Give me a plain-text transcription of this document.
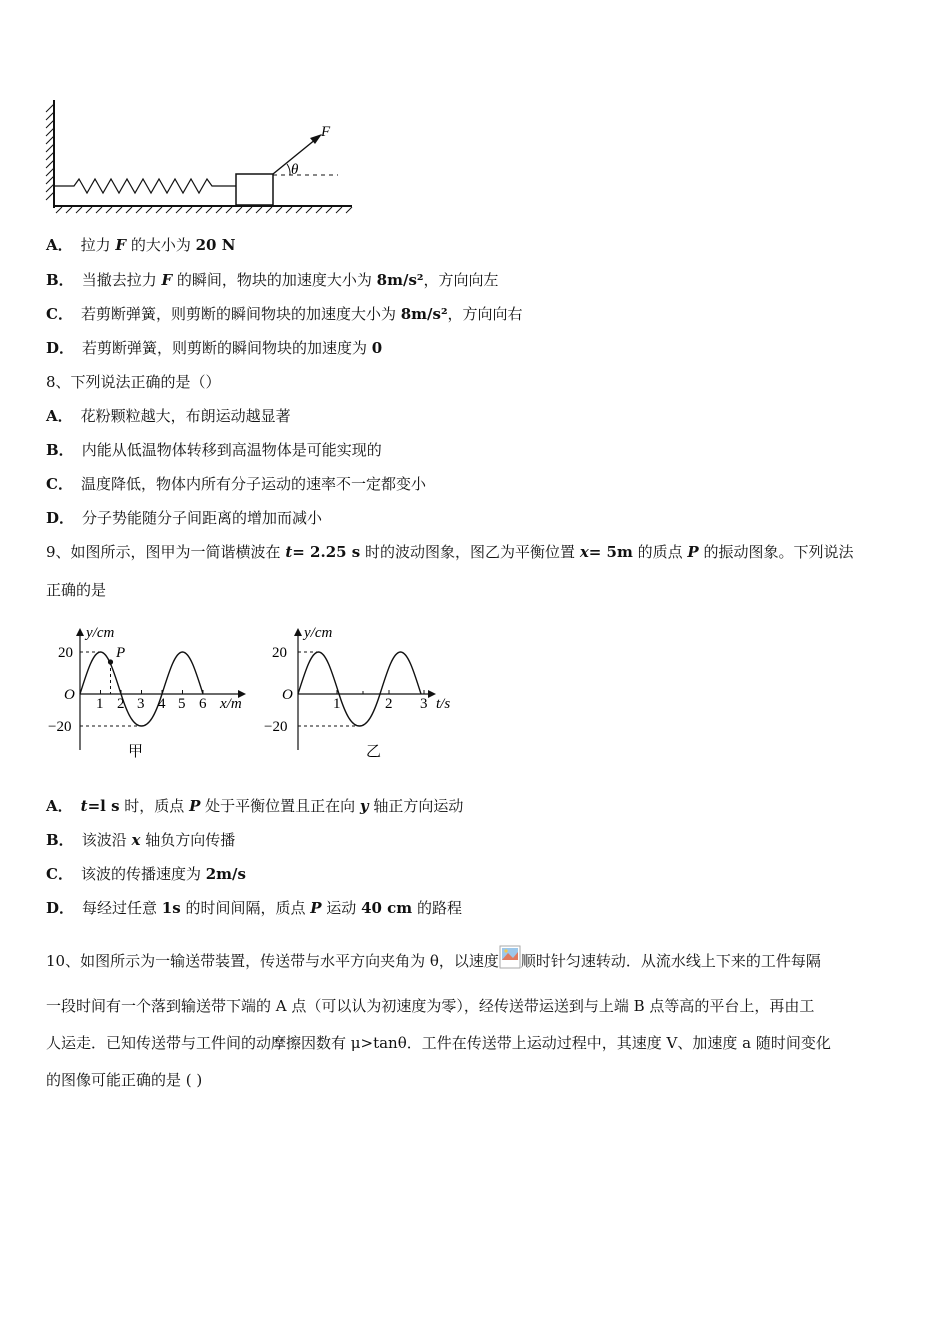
F
θ
A． 拉力 F 的大小为 20 N
B． 当撤去拉力 F 的瞬间，物块的加速度大小为 8m/s²，方向向左
C． 若剪断弹簧，则剪断的瞬间物块的加速度大小为 8m/s²，方向向右
D． 若剪断弹簧，则剪断的瞬间物块的加速度为 0
8、下列说法正确的是（）
A． 花粉颗粒越大，布朗运动越显著
B． 内能从低温物体转移到高温物体是可能实现的
C． 温度降低，物体内所有分子运动的速率不一定都变小
D． 分子势能随分子间距离的增加而减小
9、如图所示，图甲为一简谐横波在 t= 2.25 s 时的波动图象，图乙为平衡位置 x= 5m 的质点 P 的振动图象。下列说法
正确的是
y/cm
x/m
O
20
−20
1 2 3 4 5 6
P
甲
y/cm
t/s
O
20
−20
1	2 3
乙
A． t=l s 时，质点 P 处于平衡位置且正在向 y 轴正方向运动
B． 该波沿 x 轴负方向传播
C． 该波的传播速度为 2m/s
D． 每经过任意 1s 的时间间隔，质点 P 运动 40 cm 的路程
10、如图所示为一输送带装置，传送带与水平方向夹角为 θ，以速度 顺时针匀速转动．从流水线上下来的工件每隔
一段时间有一个落到输送带下端的 A 点（可以认为初速度为零），经传送带运送到与上端 B 点等高的平台上，再由工
人运走．已知传送带与工件间的动摩擦因数有 μ>tanθ．工件在传送带上运动过程中，其速度 V、加速度 a 随时间变化
的图像可能正确的是 ( )
